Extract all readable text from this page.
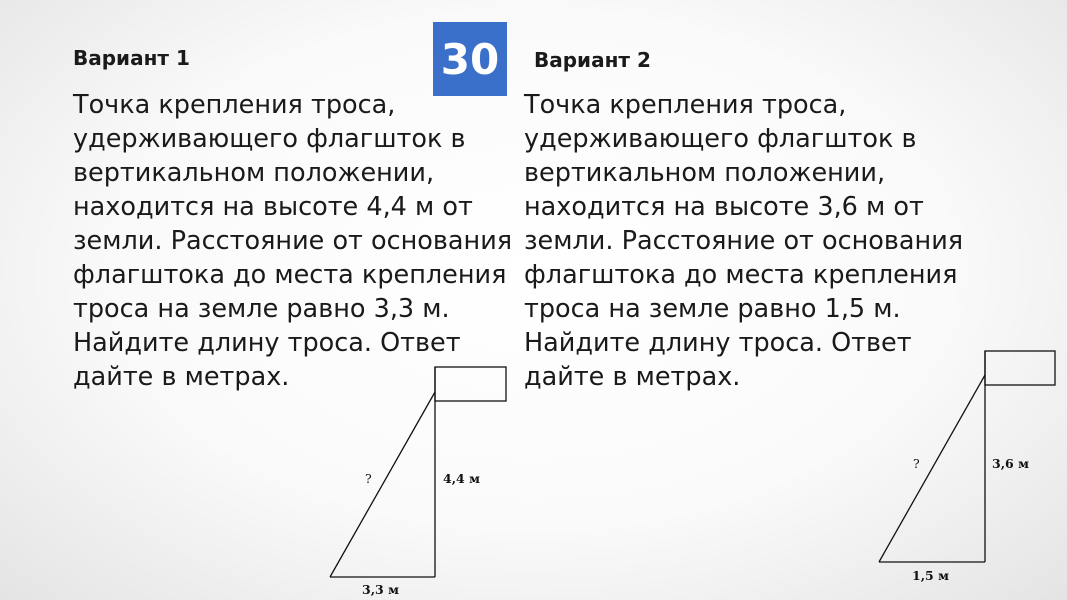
Вариант 1

Точка крепления троса,
удерживающего флагшток в
вертикальном положении,
находится на высоте 4,4 м от
земли. Расстояние от основания
флагштока до места крепления
троса на земле равно 3,3 м.
Найдите длину троса. Ответ
дайте в метрах.

30	Вариант 2

Точка крепления троса,
удерживающего флагшток в
вертикальном положении,
находится на высоте 3,6 м от
земли. Расстояние от основания
флагштока до места крепления
троса на земле равно 1,5 м.
Найдите длину троса. Ответ
дайте в метрах.

?	4,4 м
3,3 м
?	3,6 м
1,5 м
